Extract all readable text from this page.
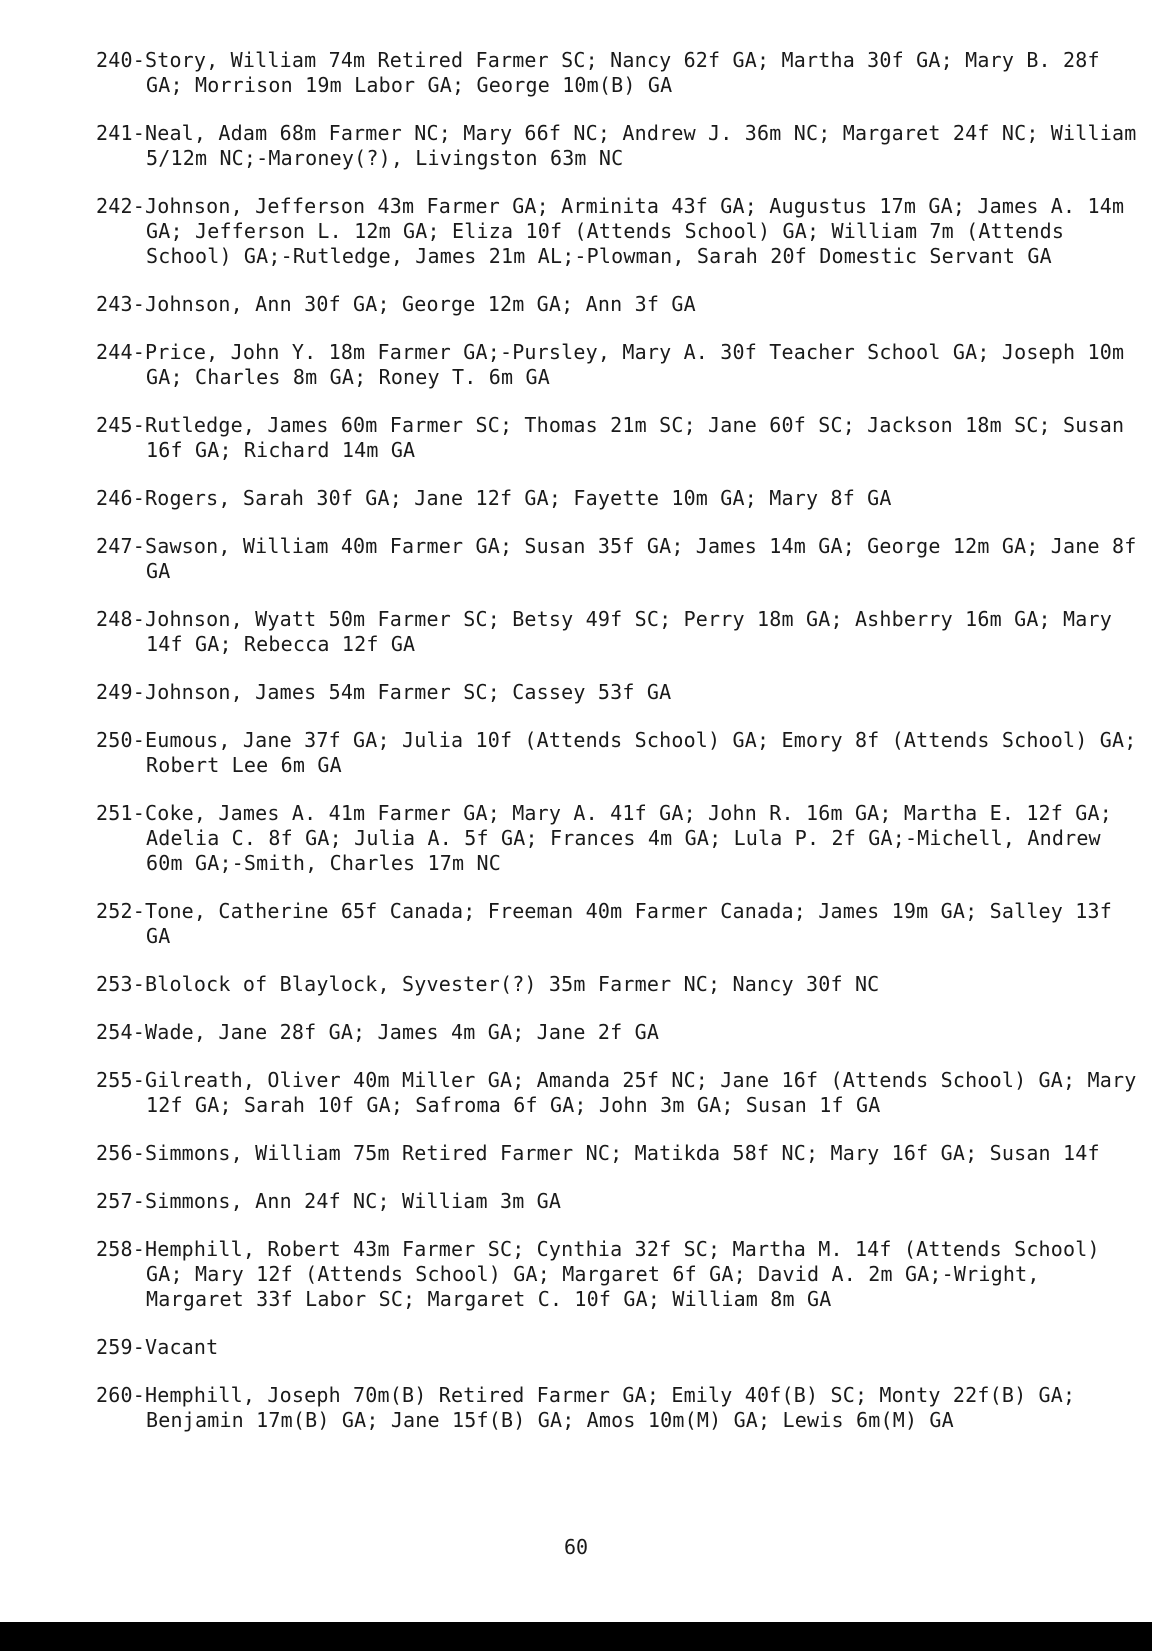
240-Story, William 74m Retired Farmer SC; Nancy 62f GA; Martha 30f GA; Mary B. 28f GA; Morrison 19m Labor GA; George 10m(B) GA

241-Neal, Adam 68m Farmer NC; Mary 66f NC; Andrew J. 36m NC; Margaret 24f NC; William 5/12m NC;-Maroney(?), Livingston 63m NC

242-Johnson, Jefferson 43m Farmer GA; Arminita 43f GA; Augustus 17m GA; James A. 14m GA; Jefferson L. 12m GA; Eliza 10f (Attends School) GA; William 7m (Attends School) GA;-Rutledge, James 21m AL;-Plowman, Sarah 20f Domestic Servant GA

243-Johnson, Ann 30f GA; George 12m GA; Ann 3f GA

244-Price, John Y. 18m Farmer GA;-Pursley, Mary A. 30f Teacher School GA; Joseph 10m GA; Charles 8m GA; Roney T. 6m GA

245-Rutledge, James 60m Farmer SC; Thomas 21m SC; Jane 60f SC; Jackson 18m SC; Susan 16f GA; Richard 14m GA

246-Rogers, Sarah 30f GA; Jane 12f GA; Fayette 10m GA; Mary 8f GA

247-Sawson, William 40m Farmer GA; Susan 35f GA; James 14m GA; George 12m GA; Jane 8f GA

248-Johnson, Wyatt 50m Farmer SC; Betsy 49f SC; Perry 18m GA; Ashberry 16m GA; Mary 14f GA; Rebecca 12f GA

249-Johnson, James 54m Farmer SC; Cassey 53f GA

250-Eumous, Jane 37f GA; Julia 10f (Attends School) GA; Emory 8f (Attends School) GA; Robert Lee 6m GA

251-Coke, James A. 41m Farmer GA; Mary A. 41f GA; John R. 16m GA; Martha E. 12f GA; Adelia C. 8f GA; Julia A. 5f GA; Frances 4m GA; Lula P. 2f GA;-Michell, Andrew 60m GA;-Smith, Charles 17m NC

252-Tone, Catherine 65f Canada; Freeman 40m Farmer Canada; James 19m GA; Salley 13f GA

253-Blolock of Blaylock, Syvester(?) 35m Farmer NC; Nancy 30f NC

254-Wade, Jane 28f GA; James 4m GA; Jane 2f GA

255-Gilreath, Oliver 40m Miller GA; Amanda 25f NC; Jane 16f (Attends School) GA; Mary 12f GA; Sarah 10f GA; Safroma 6f GA; John 3m GA; Susan 1f GA

256-Simmons, William 75m Retired Farmer NC; Matikda 58f NC; Mary 16f GA; Susan 14f

257-Simmons, Ann 24f NC; William 3m GA

258-Hemphill, Robert 43m Farmer SC; Cynthia 32f SC; Martha M. 14f (Attends School) GA; Mary 12f (Attends School) GA; Margaret 6f GA; David A. 2m GA;-Wright, Margaret 33f Labor SC; Margaret C. 10f GA; William 8m GA

259-Vacant

260-Hemphill, Joseph 70m(B) Retired Farmer GA; Emily 40f(B) SC; Monty 22f(B) GA; Benjamin 17m(B) GA; Jane 15f(B) GA; Amos 10m(M) GA; Lewis 6m(M) GA

60
